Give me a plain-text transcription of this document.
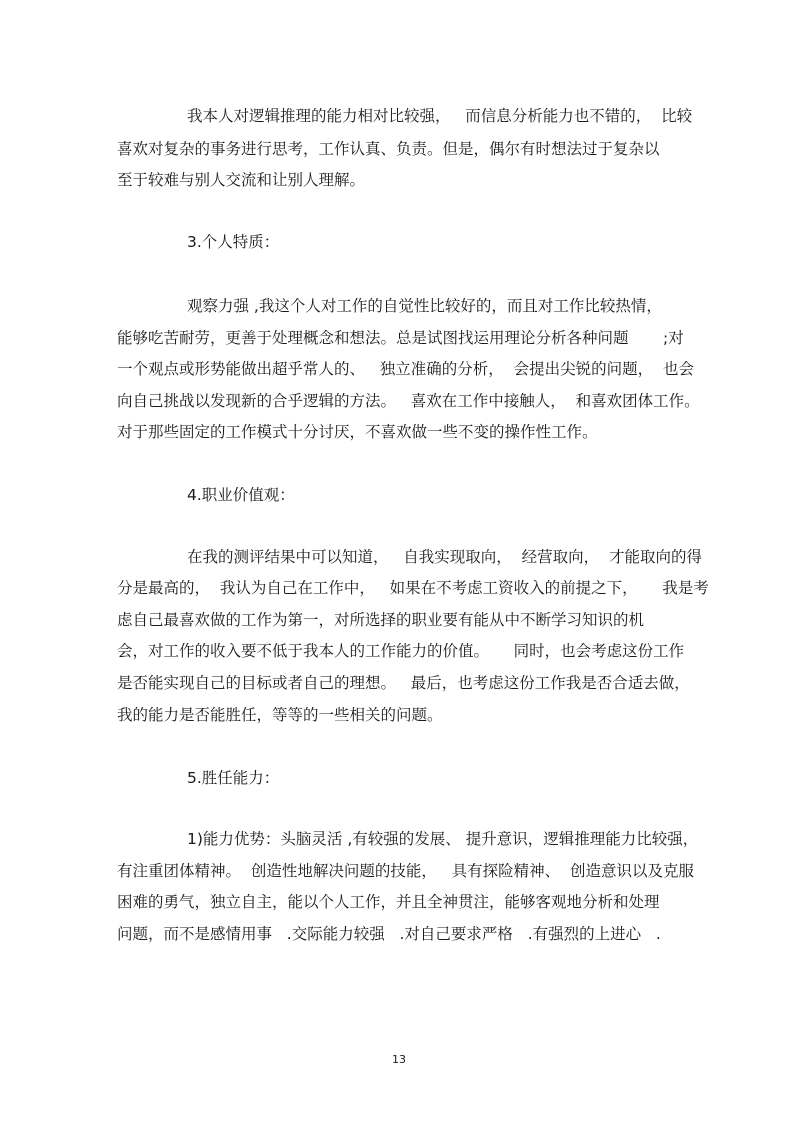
我本人对逻辑推理的能力相对比较强，   而信息分析能力也不错的，  比较
喜欢对复杂的事务进行思考，工作认真、负责。但是，偶尔有时想法过于复杂以
至于较难与别人交流和让别人理解。
3.个人特质：
观察力强 ,我这个人对工作的自觉性比较好的，而且对工作比较热情，
能够吃苦耐劳，更善于处理概念和想法。总是试图找运用理论分析各种问题       ;对
一个观点或形势能做出超乎常人的、   独立准确的分析，  会提出尖锐的问题，  也会
向自己挑战以发现新的合乎逻辑的方法。   喜欢在工作中接触人，  和喜欢团体工作。
对于那些固定的工作模式十分讨厌，不喜欢做一些不变的操作性工作。
4.职业价值观：
在我的测评结果中可以知道，   自我实现取向，  经营取向，  才能取向的得
分是最高的，  我认为自己在工作中，   如果在不考虑工资收入的前提之下，     我是考
虑自己最喜欢做的工作为第一，对所选择的职业要有能从中不断学习知识的机
会，对工作的收入要不低于我本人的工作能力的价值。     同时，也会考虑这份工作
是否能实现自己的目标或者自己的理想。   最后，也考虑这份工作我是否合适去做，
我的能力是否能胜任，等等的一些相关的问题。
5.胜任能力：
1)能力优势：头脑灵活 ,有较强的发展、 提升意识，逻辑推理能力比较强，
有注重团体精神。  创造性地解决问题的技能，   具有探险精神、  创造意识以及克服
困难的勇气，独立自主，能以个人工作，并且全神贯注，能够客观地分析和处理
问题，而不是感情用事   .交际能力较强   .对自己要求严格   .有强烈的上进心   .
13
